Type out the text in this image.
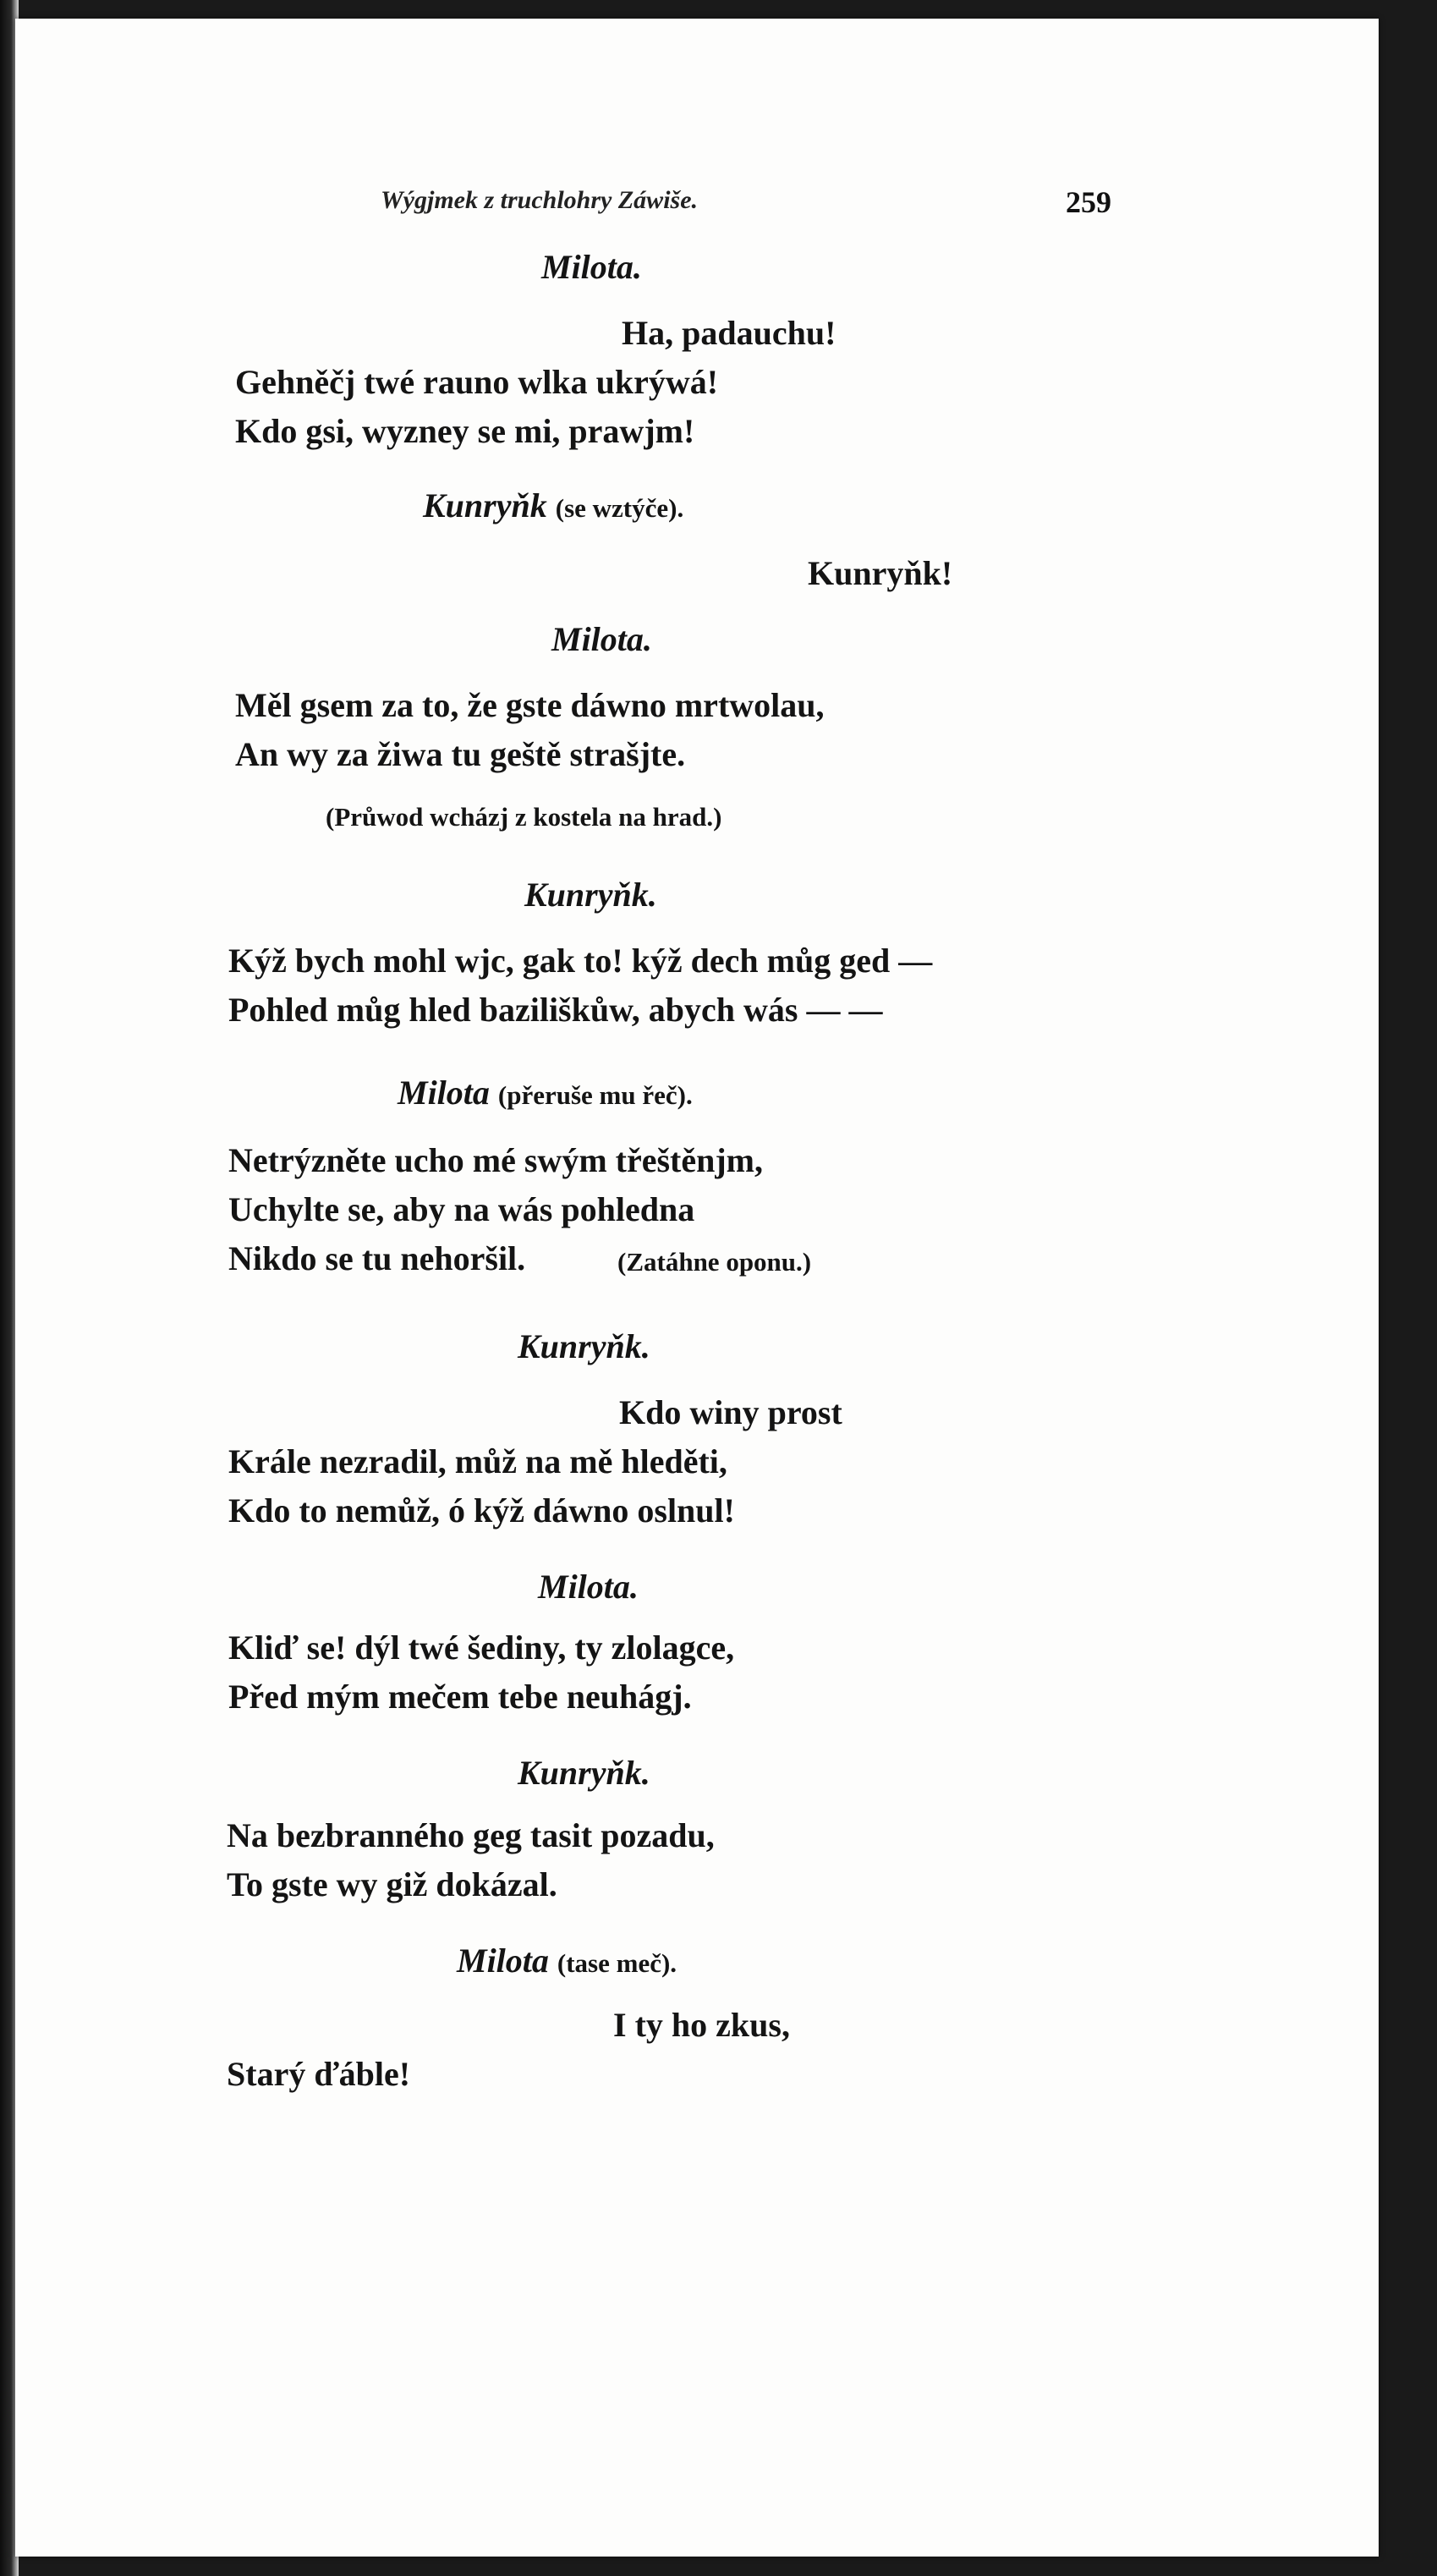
Wýgjmek z truchlohry Záwiše.	259
Milota.
Ha, padauchu!
Gehněčj twé rauno wlka ukrýwá!
Kdo gsi, wyzney se mi, prawjm!
Kunryňk (se wztýče).
Kunryňk!
Milota.
Měl gsem za to, že gste dáwno mrtwolau,
An wy za žiwa tu geště strašjte.
(Průwod wcházj z kostela na hrad.)
Kunryňk.
Kýž bych mohl wjc, gak to! kýž dech můg ged —
Pohled můg hled baziliškůw, abych wás — —
Milota (přeruše mu řeč).
Netrýzněte ucho mé swým třeštěnjm,
Uchylte se, aby na wás pohledna
Nikdo se tu nehoršil.	(Zatáhne oponu.)
Kunryňk.
Kdo winy prost
Krále nezradil, můž na mě hleděti,
Kdo to nemůž, ó kýž dáwno oslnul!
Milota.
Kliď se! dýl twé šediny, ty zlolagce,
Před mým mečem tebe neuhágj.
Kunryňk.
Na bezbranného geg tasit pozadu,
To gste wy giž dokázal.
Milota (tase meč).
I ty ho zkus,
Starý ďáble!
